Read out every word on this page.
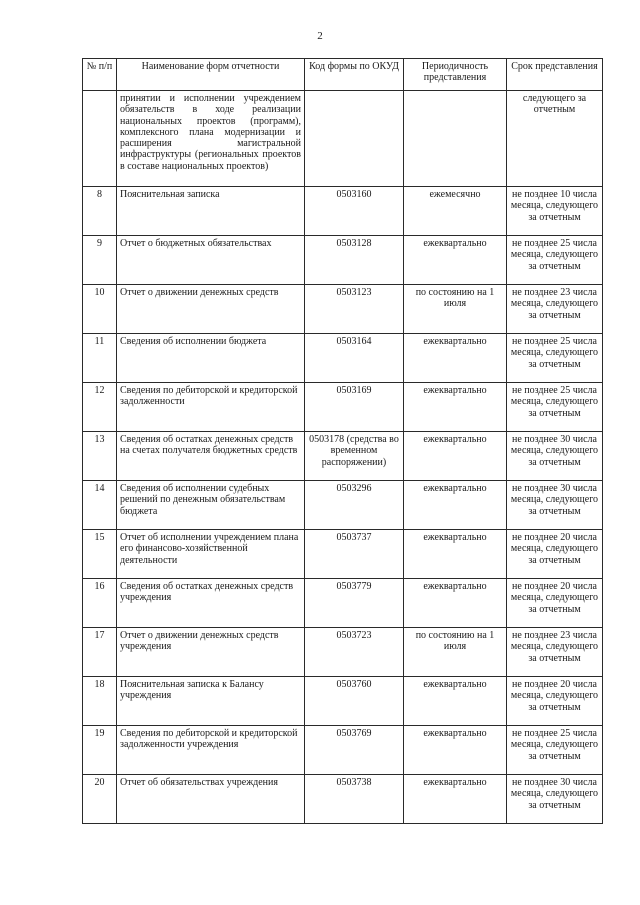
2
№ п/п	Наименование форм отчетности	Код формы по ОКУД	Периодичность представления	Срок представления
	принятии и исполнении учреждением обязательств в ходе реализации национальных проектов (программ), комплексного плана модернизации и расширения магистральной инфраструктуры (региональных проектов в составе национальных проектов)			следующего за отчетным
8	Пояснительная записка	0503160	ежемесячно	не позднее 10 числа месяца, следующего за отчетным
9	Отчет о бюджетных обязательствах	0503128	ежеквартально	не позднее 25 числа месяца, следующего за отчетным
10	Отчет о движении денежных средств	0503123	по состоянию на 1 июля	не позднее 23 числа месяца, следующего за отчетным
11	Сведения об исполнении бюджета	0503164	ежеквартально	не позднее 25 числа месяца, следующего за отчетным
12	Сведения по дебиторской и кредиторской задолженности	0503169	ежеквартально	не позднее 25 числа месяца, следующего за отчетным
13	Сведения об остатках денежных средств на счетах получателя бюджетных средств	0503178 (средства во временном распоряжении)	ежеквартально	не позднее 30 числа месяца, следующего за отчетным
14	Сведения об исполнении судебных решений по денежным обязательствам бюджета	0503296	ежеквартально	не позднее 30 числа месяца, следующего за отчетным
15	Отчет об исполнении учреждением плана его финансово-хозяйственной деятельности	0503737	ежеквартально	не позднее 20 числа месяца, следующего за отчетным
16	Сведения об остатках денежных средств учреждения	0503779	ежеквартально	не позднее 20 числа месяца, следующего за отчетным
17	Отчет о движении денежных средств учреждения	0503723	по состоянию на 1 июля	не позднее 23 числа месяца, следующего за отчетным
18	Пояснительная записка к Балансу учреждения	0503760	ежеквартально	не позднее 20 числа месяца, следующего за отчетным
19	Сведения по дебиторской и кредиторской задолженности учреждения	0503769	ежеквартально	не позднее 25 числа месяца, следующего за отчетным
20	Отчет об обязательствах учреждения	0503738	ежеквартально	не позднее 30 числа месяца, следующего за отчетным
